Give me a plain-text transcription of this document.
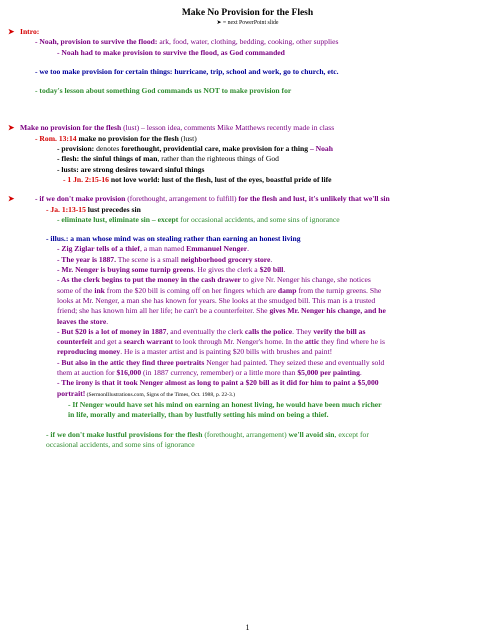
Make No Provision for the Flesh
➤ = next PowerPoint slide
➤ Intro:
- Noah, provision to survive the flood: ark, food, water, clothing, bedding, cooking, other supplies
- Noah had to make provision to survive the flood, as God commanded
- we too make provision for certain things: hurricane, trip, school and work, go to church, etc.
- today's lesson about something God commands us NOT to make provision for
➤ Make no provision for the flesh (lust) – lesson idea, comments Mike Matthews recently made in class
- Rom. 13:14 make no provision for the flesh (lust)
- provision: denotes forethought, providential care, make provision for a thing – Noah
- flesh: the sinful things of man, rather than the righteous things of God
- lusts: are strong desires toward sinful things
- 1 Jn. 2:15-16 not love world: lust of the flesh, lust of the eyes, boastful pride of life
➤	- if we don't make provision (forethought, arrangement to fulfill) for the flesh and lust, it's unlikely that we'll sin
- Ja. 1:13-15 lust precedes sin
- eliminate lust, eliminate sin – except for occasional accidents, and some sins of ignorance
- illus.: a man whose mind was on stealing rather than earning an honest living
- Zig Ziglar tells of a thief, a man named Emmanuel Nenger.
- The year is 1887. The scene is a small neighborhood grocery store.
- Mr. Nenger is buying some turnip greens. He gives the clerk a $20 bill.
- As the clerk begins to put the money in the cash drawer to give Nr. Nenger his change, she notices
some of the ink from the $20 bill is coming off on her fingers which are damp from the turnip greens. She
looks at Mr. Nenger, a man she has known for years. She looks at the smudged bill. This man is a trusted
friend; she has known him all her life; he can't be a counterfeiter. She gives Mr. Nenger his change, and he
leaves the store.
- But $20 is a lot of money in 1887, and eventually the clerk calls the police. They verify the bill as
counterfeit and get a search warrant to look through Mr. Nenger's home. In the attic they find where he is
reproducing money. He is a master artist and is painting $20 bills with brushes and paint!
- But also in the attic they find three portraits Nenger had painted. They seized these and eventually sold
them at auction for $16,000 (in 1887 currency, remember) or a little more than $5,000 per painting.
- The irony is that it took Nenger almost as long to paint a $20 bill as it did for him to paint a $5,000
portrait! (SermonIllustrations.com, Signs of the Times, Oct. 1988, p. 22-3.)
- If Nenger would have set his mind on earning an honest living, he would have been much richer
in life, morally and materially, than by lustfully setting his mind on being a thief.
- if we don't make lustful provisions for the flesh (forethought, arrangement) we'll avoid sin, except for
occasional accidents, and some sins of ignorance
1
